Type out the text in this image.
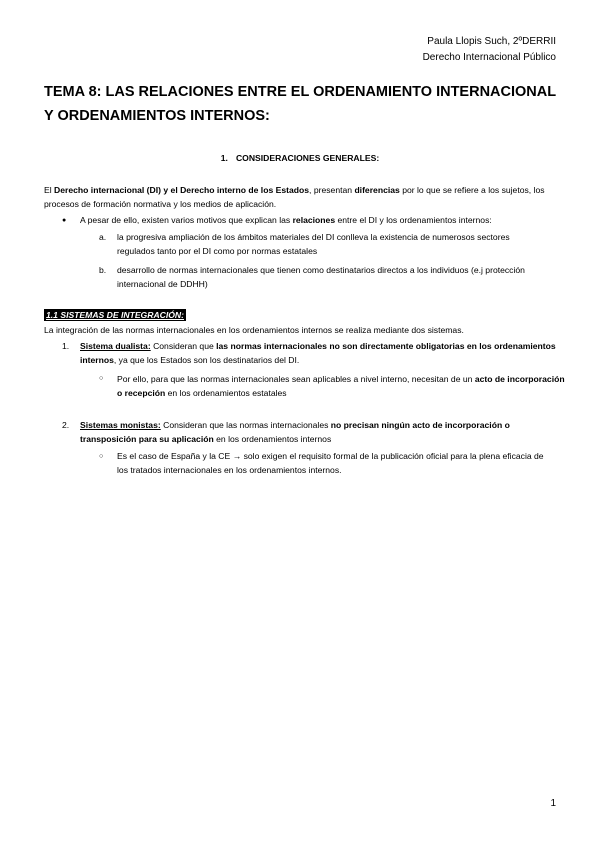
Paula Llopis Such, 2ºDERRII
Derecho Internacional Público
TEMA 8: LAS RELACIONES ENTRE EL ORDENAMIENTO INTERNACIONAL Y ORDENAMIENTOS INTERNOS:
1. CONSIDERACIONES GENERALES:
El Derecho internacional (DI) y el Derecho interno de los Estados, presentan diferencias por lo que se refiere a los sujetos, los procesos de formación normativa y los medios de aplicación.
● A pesar de ello, existen varios motivos que explican las relaciones entre el DI y los ordenamientos internos:
a. la progresiva ampliación de los ámbitos materiales del DI conlleva la existencia de numerosos sectores regulados tanto por el DI como por normas estatales
b. desarrollo de normas internacionales que tienen como destinatarios directos a los individuos (e.j protección internacional de DDHH)
1.1 SISTEMAS DE INTEGRACIÓN:
La integración de las normas internacionales en los ordenamientos internos se realiza mediante dos sistemas.
1. Sistema dualista: Consideran que las normas internacionales no son directamente obligatorias en los ordenamientos internos, ya que los Estados son los destinatarios del DI.
○ Por ello, para que las normas internacionales sean aplicables a nivel interno, necesitan de un acto de incorporación o recepción en los ordenamientos estatales
2. Sistemas monistas: Consideran que las normas internacionales no precisan ningún acto de incorporación o transposición para su aplicación en los ordenamientos internos
○ Es el caso de España y la CE → solo exigen el requisito formal de la publicación oficial para la plena eficacia de los tratados internacionales en los ordenamientos internos.
1
